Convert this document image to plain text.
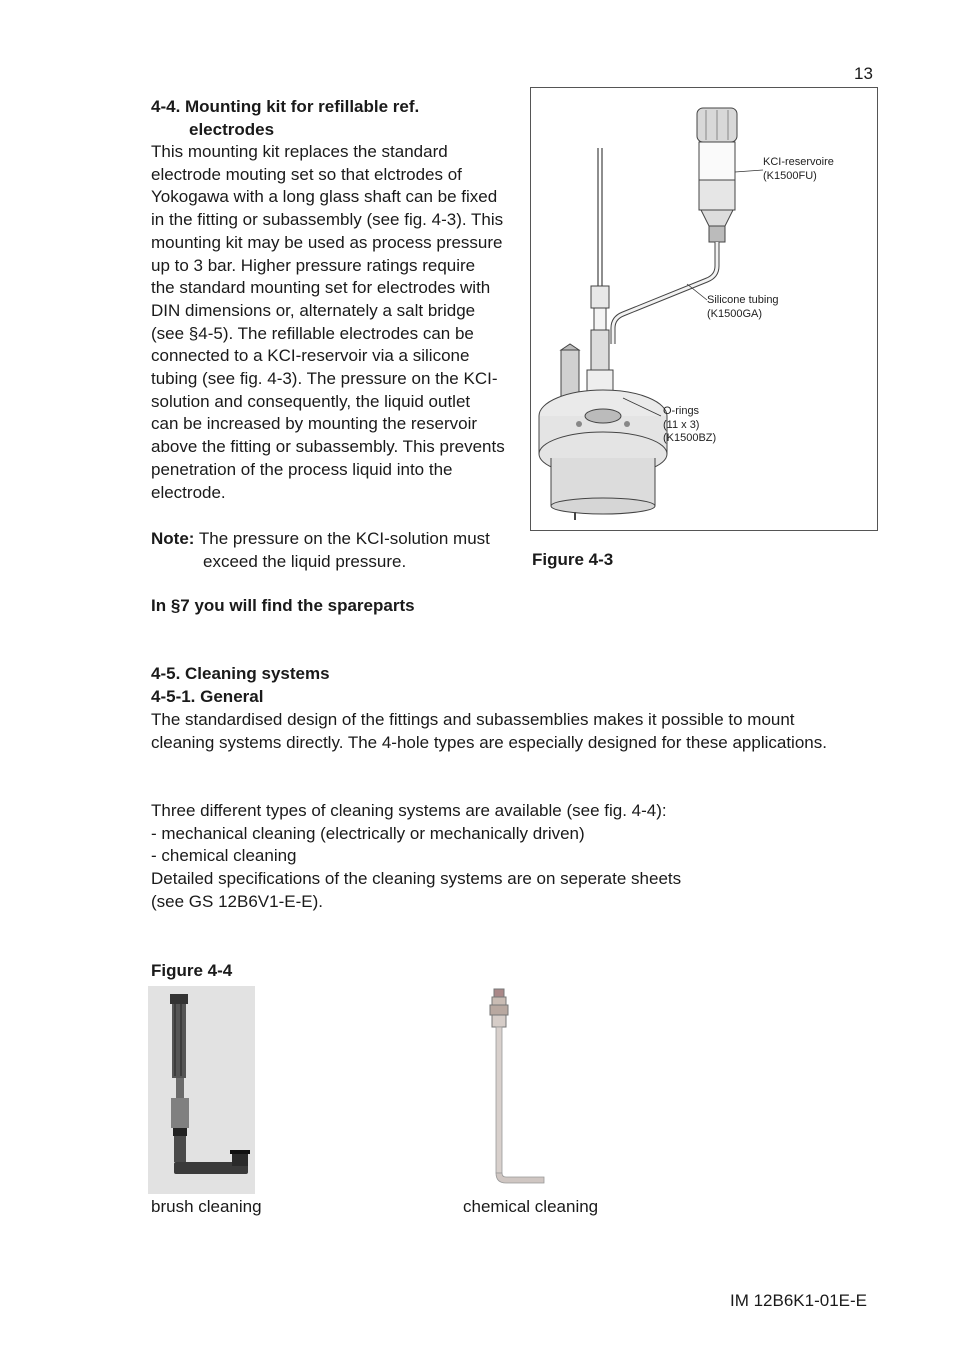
13
4-4. Mounting kit for refillable ref.
electrodes
This mounting kit replaces the standard
electrode mouting set so that elctrodes of
Yokogawa with a long glass shaft can be fixed
in the fitting or subassembly (see fig. 4-3). This
mounting kit may be used as process pressure
up to 3 bar. Higher pressure ratings require
the standard mounting set for electrodes with
DIN dimensions or, alternately a salt bridge
(see §4-5). The refillable electrodes can be
connected to a KCI-reservoir via a silicone
tubing (see fig. 4-3). The pressure on the KCI-
solution and consequently, the liquid outlet
can be increased by mounting the reservoir
above the fitting or subassembly. This prevents
penetration of the process liquid into the
electrode.
Note: The pressure on the KCI-solution must
exceed the liquid pressure.
KCI-reservoire
(K1500FU)
Silicone tubing
(K1500GA)
O-rings
(11 x 3)
(K1500BZ)
Figure 4-3
In §7 you will find the spareparts
4-5. Cleaning systems
4-5-1. General
The standardised design of the fittings and subassemblies makes it possible to mount
cleaning systems directly. The 4-hole types are especially designed for these applications.
Three different types of cleaning systems are available (see fig. 4-4):
- mechanical cleaning (electrically or mechanically driven)
- chemical cleaning
Detailed specifications of the cleaning systems are on seperate sheets
(see GS 12B6V1-E-E).
Figure 4-4
brush cleaning	chemical cleaning
IM 12B6K1-01E-E
